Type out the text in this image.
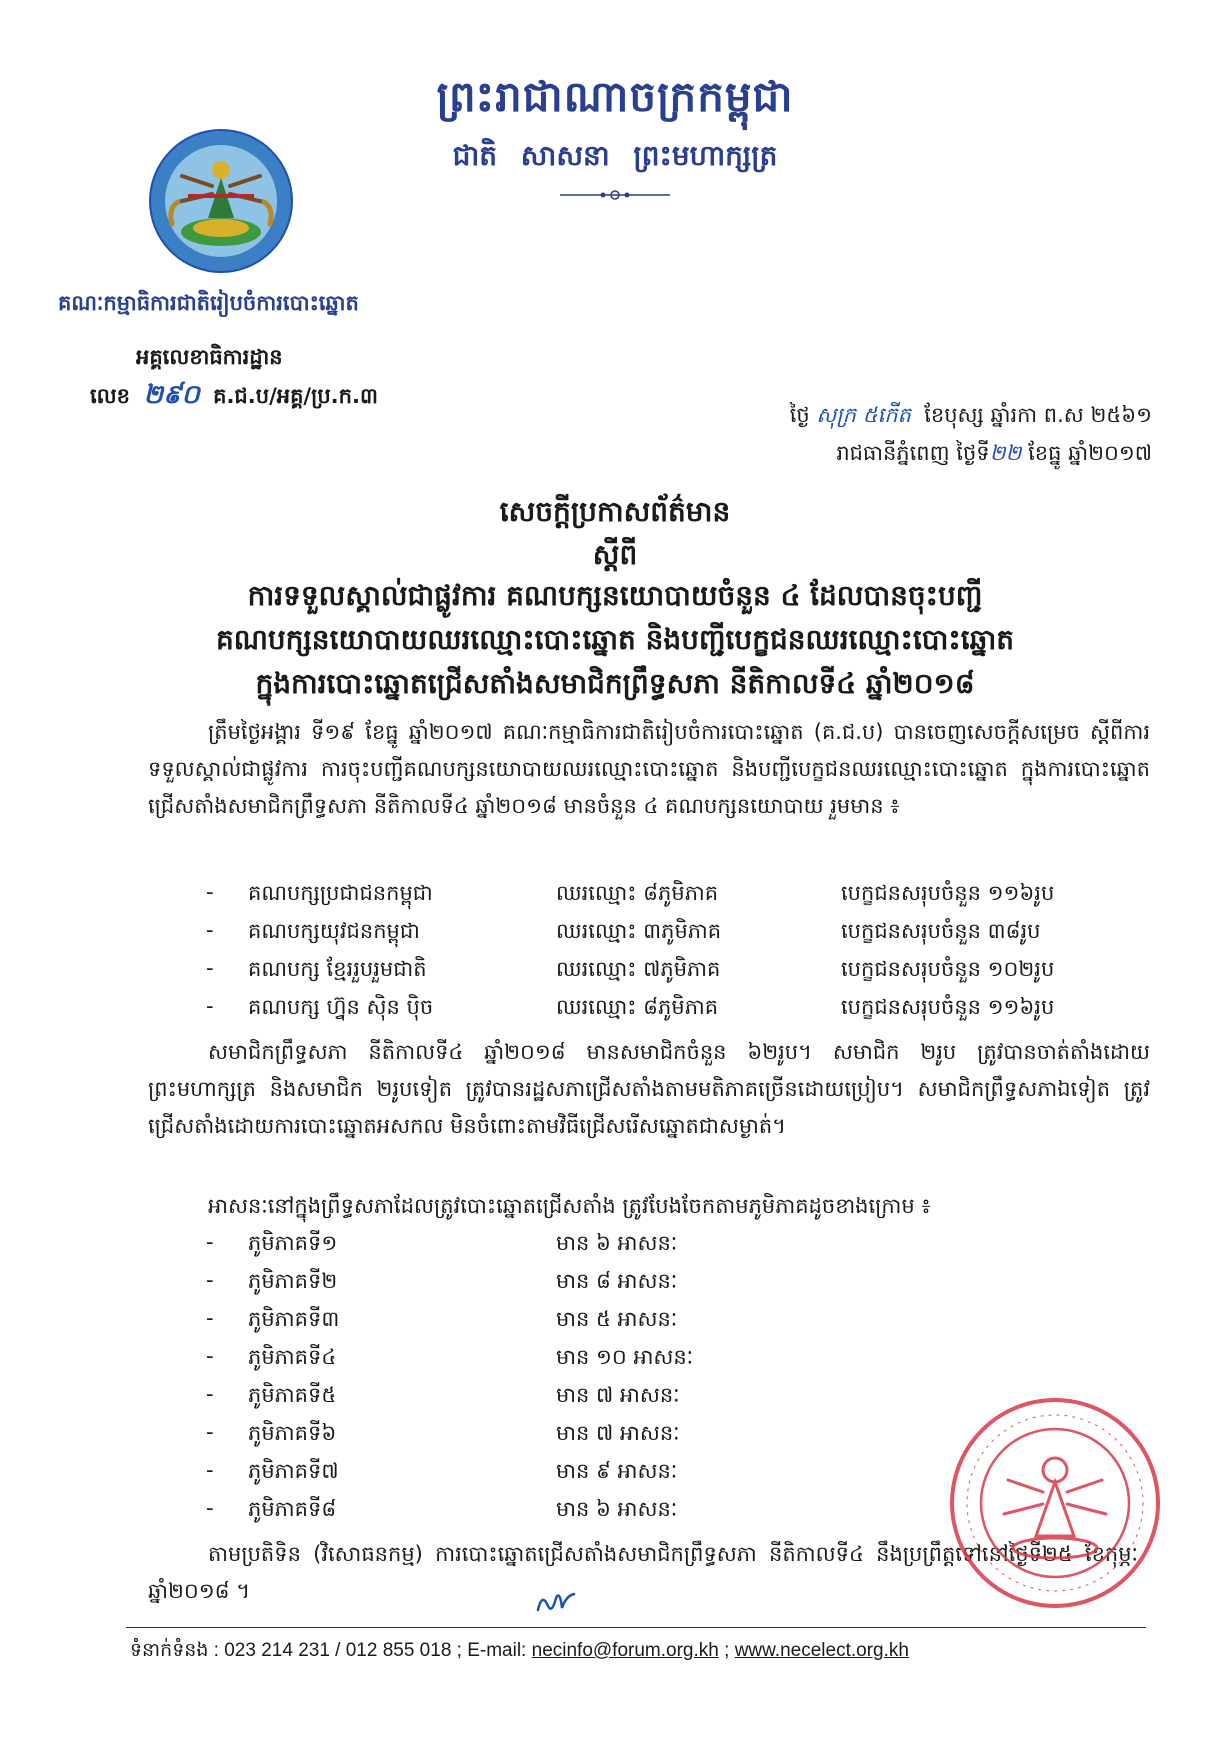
ព្រះរាជាណាចក្រកម្ពុជា
ជាតិ សាសនា ព្រះមហាក្សត្រ
គណៈកម្មាធិការជាតិរៀបចំការបោះឆ្នោត
អគ្គលេខាធិការដ្ឋាន
លេខ ២៩០ គ.ជ.ប/អគ្គ/ប្រ.ក.៣
ថ្ងៃ សុក្រ ៥កើត ខែបុស្ស ឆ្នាំរកា ព.ស ២៥៦១
រាជធានីភ្នំពេញ ថ្ងៃទី២២ ខែធ្នូ ឆ្នាំ២០១៧
សេចក្ដីប្រកាសព័ត៌មាន
ស្ដីពី
ការទទួលស្គាល់ជាផ្លូវការ គណបក្សនយោបាយចំនួន ៤ ដែលបានចុះបញ្ជី
គណបក្សនយោបាយឈរឈ្មោះបោះឆ្នោត និងបញ្ជីបេក្ខជនឈរឈ្មោះបោះឆ្នោត
ក្នុងការបោះឆ្នោតជ្រើសតាំងសមាជិកព្រឹទ្ធសភា នីតិកាលទី៤ ឆ្នាំ២០១៨
ត្រឹមថ្ងៃអង្គារ ទី១៩ ខែធ្នូ ឆ្នាំ២០១៧ គណៈកម្មាធិការជាតិរៀបចំការបោះឆ្នោត (គ.ជ.ប) បានចេញសេចក្ដីសម្រេច ស្ដីពីការទទួលស្គាល់ជាផ្លូវការ ការចុះបញ្ជីគណបក្សនយោបាយឈរឈ្មោះបោះឆ្នោត និងបញ្ជីបេក្ខជនឈរឈ្មោះបោះឆ្នោត ក្នុងការបោះឆ្នោតជ្រើសតាំងសមាជិកព្រឹទ្ធសភា នីតិកាលទី៤ ឆ្នាំ២០១៨ មានចំនួន ៤ គណបក្សនយោបាយ រួមមាន ៖
- គណបក្សប្រជាជនកម្ពុជា	ឈរឈ្មោះ ៨ភូមិភាគ	បេក្ខជនសរុបចំនួន ១១៦រូប
- គណបក្សយុវជនកម្ពុជា	ឈរឈ្មោះ ៣ភូមិភាគ	បេក្ខជនសរុបចំនួន ៣៨រូប
- គណបក្ស ខ្មែររួបរួមជាតិ	ឈរឈ្មោះ ៧ភូមិភាគ	បេក្ខជនសរុបចំនួន ១០២រូប
- គណបក្ស ហ្វ៊ុន ស៊ិន ប៉ិច	ឈរឈ្មោះ ៨ភូមិភាគ	បេក្ខជនសរុបចំនួន ១១៦រូប
សមាជិកព្រឹទ្ធសភា នីតិកាលទី៤ ឆ្នាំ២០១៨ មានសមាជិកចំនួន ៦២រូប។ សមាជិក ២រូប ត្រូវបានចាត់តាំងដោយព្រះមហាក្សត្រ និងសមាជិក ២រូបទៀត ត្រូវបានរដ្ឋសភាជ្រើសតាំងតាមមតិភាគច្រើនដោយប្រៀប។ សមាជិកព្រឹទ្ធសភាឯទៀត ត្រូវជ្រើសតាំងដោយការបោះឆ្នោតអសកល មិនចំពោះតាមវិធីជ្រើសរើសឆ្នោតជាសម្ងាត់។
អាសនៈនៅក្នុងព្រឹទ្ធសភាដែលត្រូវបោះឆ្នោតជ្រើសតាំង ត្រូវបែងចែកតាមភូមិភាគដូចខាងក្រោម ៖
- ភូមិភាគទី១	មាន ៦ អាសនៈ
- ភូមិភាគទី២	មាន ៨ អាសនៈ
- ភូមិភាគទី៣	មាន ៥ អាសនៈ
- ភូមិភាគទី៤	មាន ១០ អាសនៈ
- ភូមិភាគទី៥	មាន ៧ អាសនៈ
- ភូមិភាគទី៦	មាន ៧ អាសនៈ
- ភូមិភាគទី៧	មាន ៩ អាសនៈ
- ភូមិភាគទី៨	មាន ៦ អាសនៈ
តាមប្រតិទិន (វិសោធនកម្ម) ការបោះឆ្នោតជ្រើសតាំងសមាជិកព្រឹទ្ធសភា នីតិកាលទី៤ នឹងប្រព្រឹត្តទៅនៅថ្ងៃទី២៥ ខែកុម្ភៈ ឆ្នាំ២០១៨ ។
ទំនាក់ទំនង : 023 214 231 / 012 855 018 ; E-mail: necinfo@forum.org.kh ; www.necelect.org.kh
